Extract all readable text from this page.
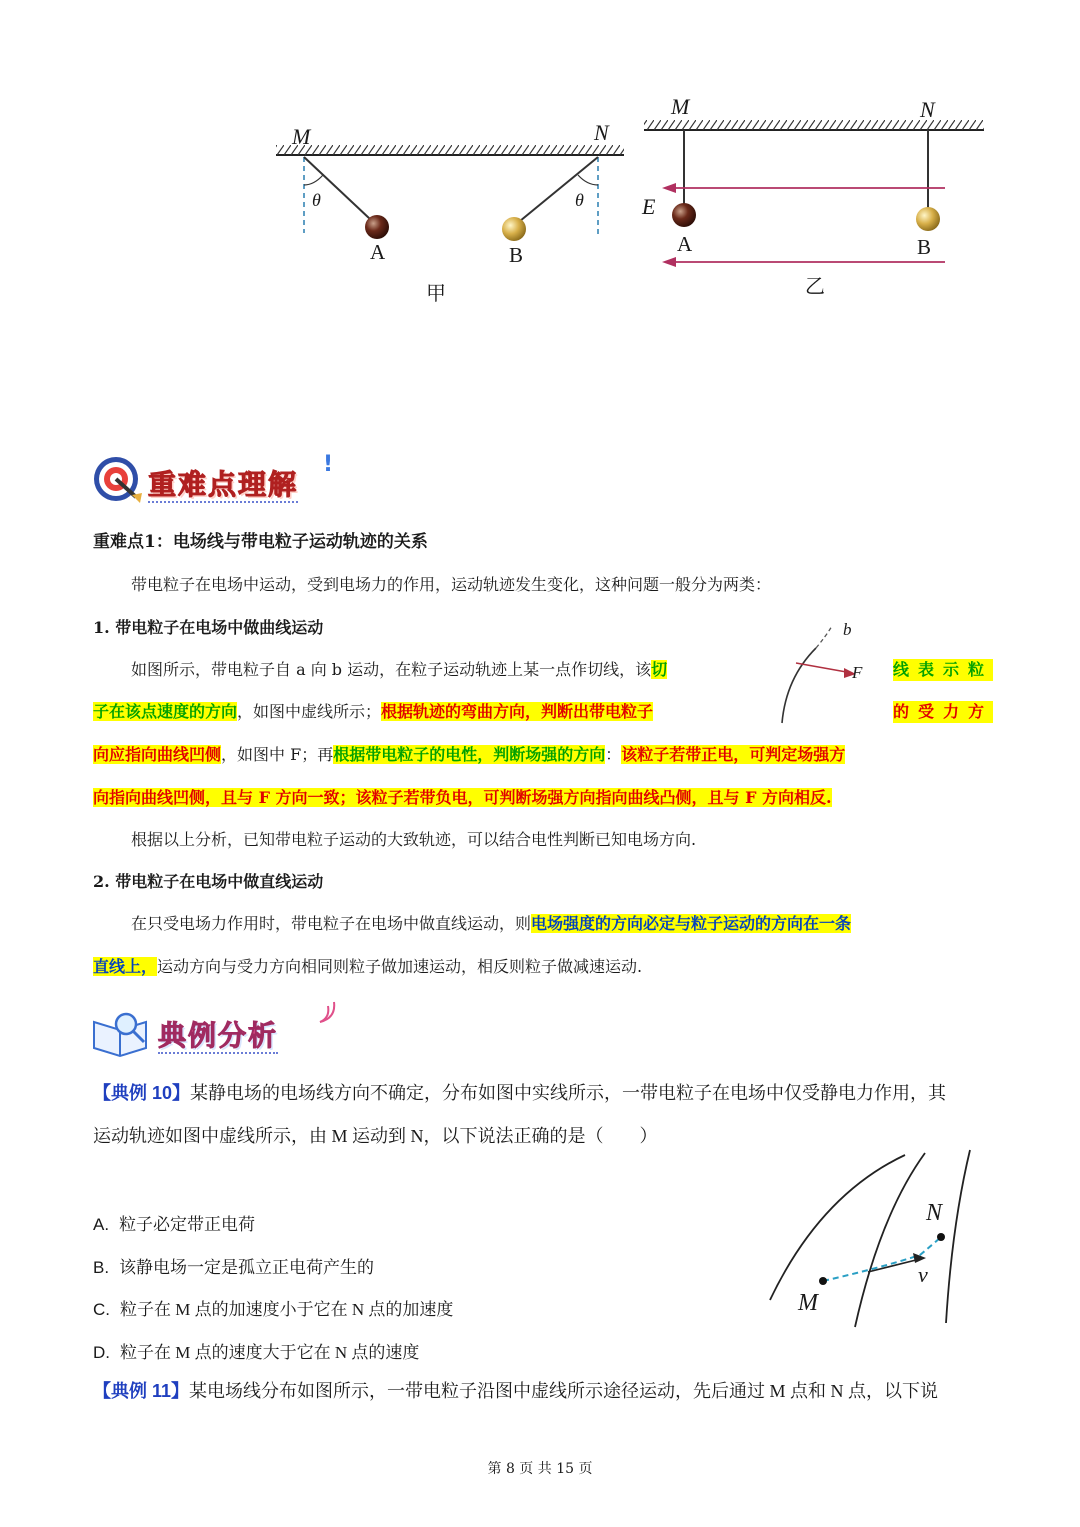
M	N
θ	θ
A	B
甲
M	N
E
A	B
乙
重难点理解
!
重难点1：电场线与带电粒子运动轨迹的关系
带电粒子在电场中运动，受到电场力的作用，运动轨迹发生变化，这种问题一般分为两类：
1. 带电粒子在电场中做曲线运动
如图所示，带电粒子自 a 向 b 运动，在粒子运动轨迹上某一点作切线，该切	线表示粒
子在该点速度的方向，如图中虚线所示；根据轨迹的弯曲方向，判断出带电粒子	的受力方
b
F
向应指向曲线凹侧，如图中 F；再根据带电粒子的电性，判断场强的方向：该粒子若带正电，可判定场强方
向指向曲线凹侧，且与 F 方向一致；该粒子若带负电，可判断场强方向指向曲线凸侧，且与 F 方向相反.
根据以上分析，已知带电粒子运动的大致轨迹，可以结合电性判断已知电场方向.
2. 带电粒子在电场中做直线运动
在只受电场力作用时，带电粒子在电场中做直线运动，则电场强度的方向必定与粒子运动的方向在一条
直线上，运动方向与受力方向相同则粒子做加速运动，相反则粒子做减速运动.
典例分析
【典例 10】某静电场的电场线方向不确定，分布如图中实线所示，一带电粒子在电场中仅受静电力作用，其
运动轨迹如图中虚线所示，由 M 运动到 N，以下说法正确的是（　　）
A. 粒子必定带正电荷
B. 该静电场一定是孤立正电荷产生的
C. 粒子在 M 点的加速度小于它在 N 点的加速度
D. 粒子在 M 点的速度大于它在 N 点的速度
M
N
v
【典例 11】某电场线分布如图所示，一带电粒子沿图中虚线所示途径运动，先后通过 M 点和 N 点，以下说
第 8 页 共 15 页
